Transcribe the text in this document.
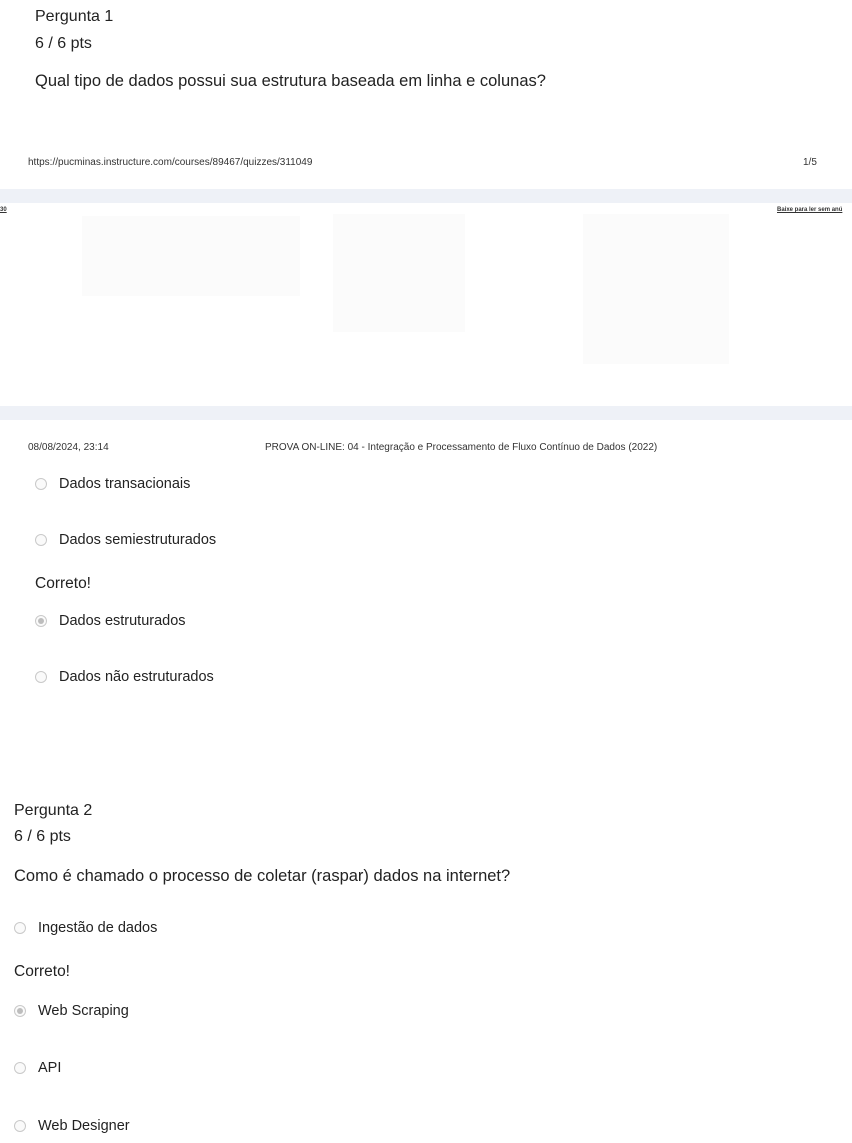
Pergunta 1
6 / 6 pts
Qual tipo de dados possui sua estrutura baseada em linha e colunas?
https://pucminas.instructure.com/courses/89467/quizzes/311049	1/5
30	Baixe para ler sem anú
08/08/2024, 23:14	PROVA ON-LINE: 04 - Integração e Processamento de Fluxo Contínuo de Dados (2022)
Dados transacionais
Dados semiestruturados
Correto!
Dados estruturados
Dados não estruturados
Pergunta 2
6 / 6 pts
Como é chamado o processo de coletar (raspar) dados na internet?
Ingestão de dados
Correto!
Web Scraping
API
Web Designer
